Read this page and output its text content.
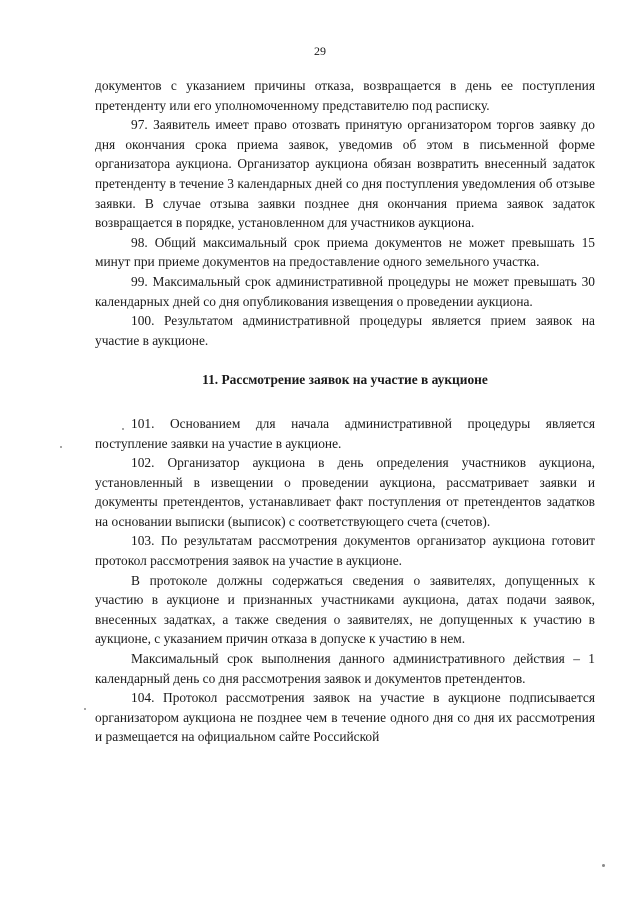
29

документов с указанием причины отказа, возвращается в день ее поступления претенденту или его уполномоченному представителю под расписку.

97. Заявитель имеет право отозвать принятую организатором торгов заявку до дня окончания срока приема заявок, уведомив об этом в письменной форме организатора аукциона. Организатор аукциона обязан возвратить внесенный задаток претенденту в течение 3 календарных дней со дня поступления уведомления об отзыве заявки. В случае отзыва заявки позднее дня окончания приема заявок задаток возвращается в порядке, установленном для участников аукциона.

98. Общий максимальный срок приема документов не может превышать 15 минут при приеме документов на предоставление одного земельного участка.

99. Максимальный срок административной процедуры не может превышать 30 календарных дней со дня опубликования извещения о проведении аукциона.

100. Результатом административной процедуры является прием заявок на участие в аукционе.

11. Рассмотрение заявок на участие в аукционе

101. Основанием для начала административной процедуры является поступление заявки на участие в аукционе.

102. Организатор аукциона в день определения участников аукциона, установленный в извещении о проведении аукциона, рассматривает заявки и документы претендентов, устанавливает факт поступления от претендентов задатков на основании выписки (выписок) с соответствующего счета (счетов).

103. По результатам рассмотрения документов организатор аукциона готовит протокол рассмотрения заявок на участие в аукционе.

В протоколе должны содержаться сведения о заявителях, допущенных к участию в аукционе и признанных участниками аукциона, датах подачи заявок, внесенных задатках, а также сведения о заявителях, не допущенных к участию в аукционе, с указанием причин отказа в допуске к участию в нем.

Максимальный срок выполнения данного административного действия – 1 календарный день со дня рассмотрения заявок и документов претендентов.

104. Протокол рассмотрения заявок на участие в аукционе подписывается организатором аукциона не позднее чем в течение одного дня со дня их рассмотрения и размещается на официальном сайте Российской
